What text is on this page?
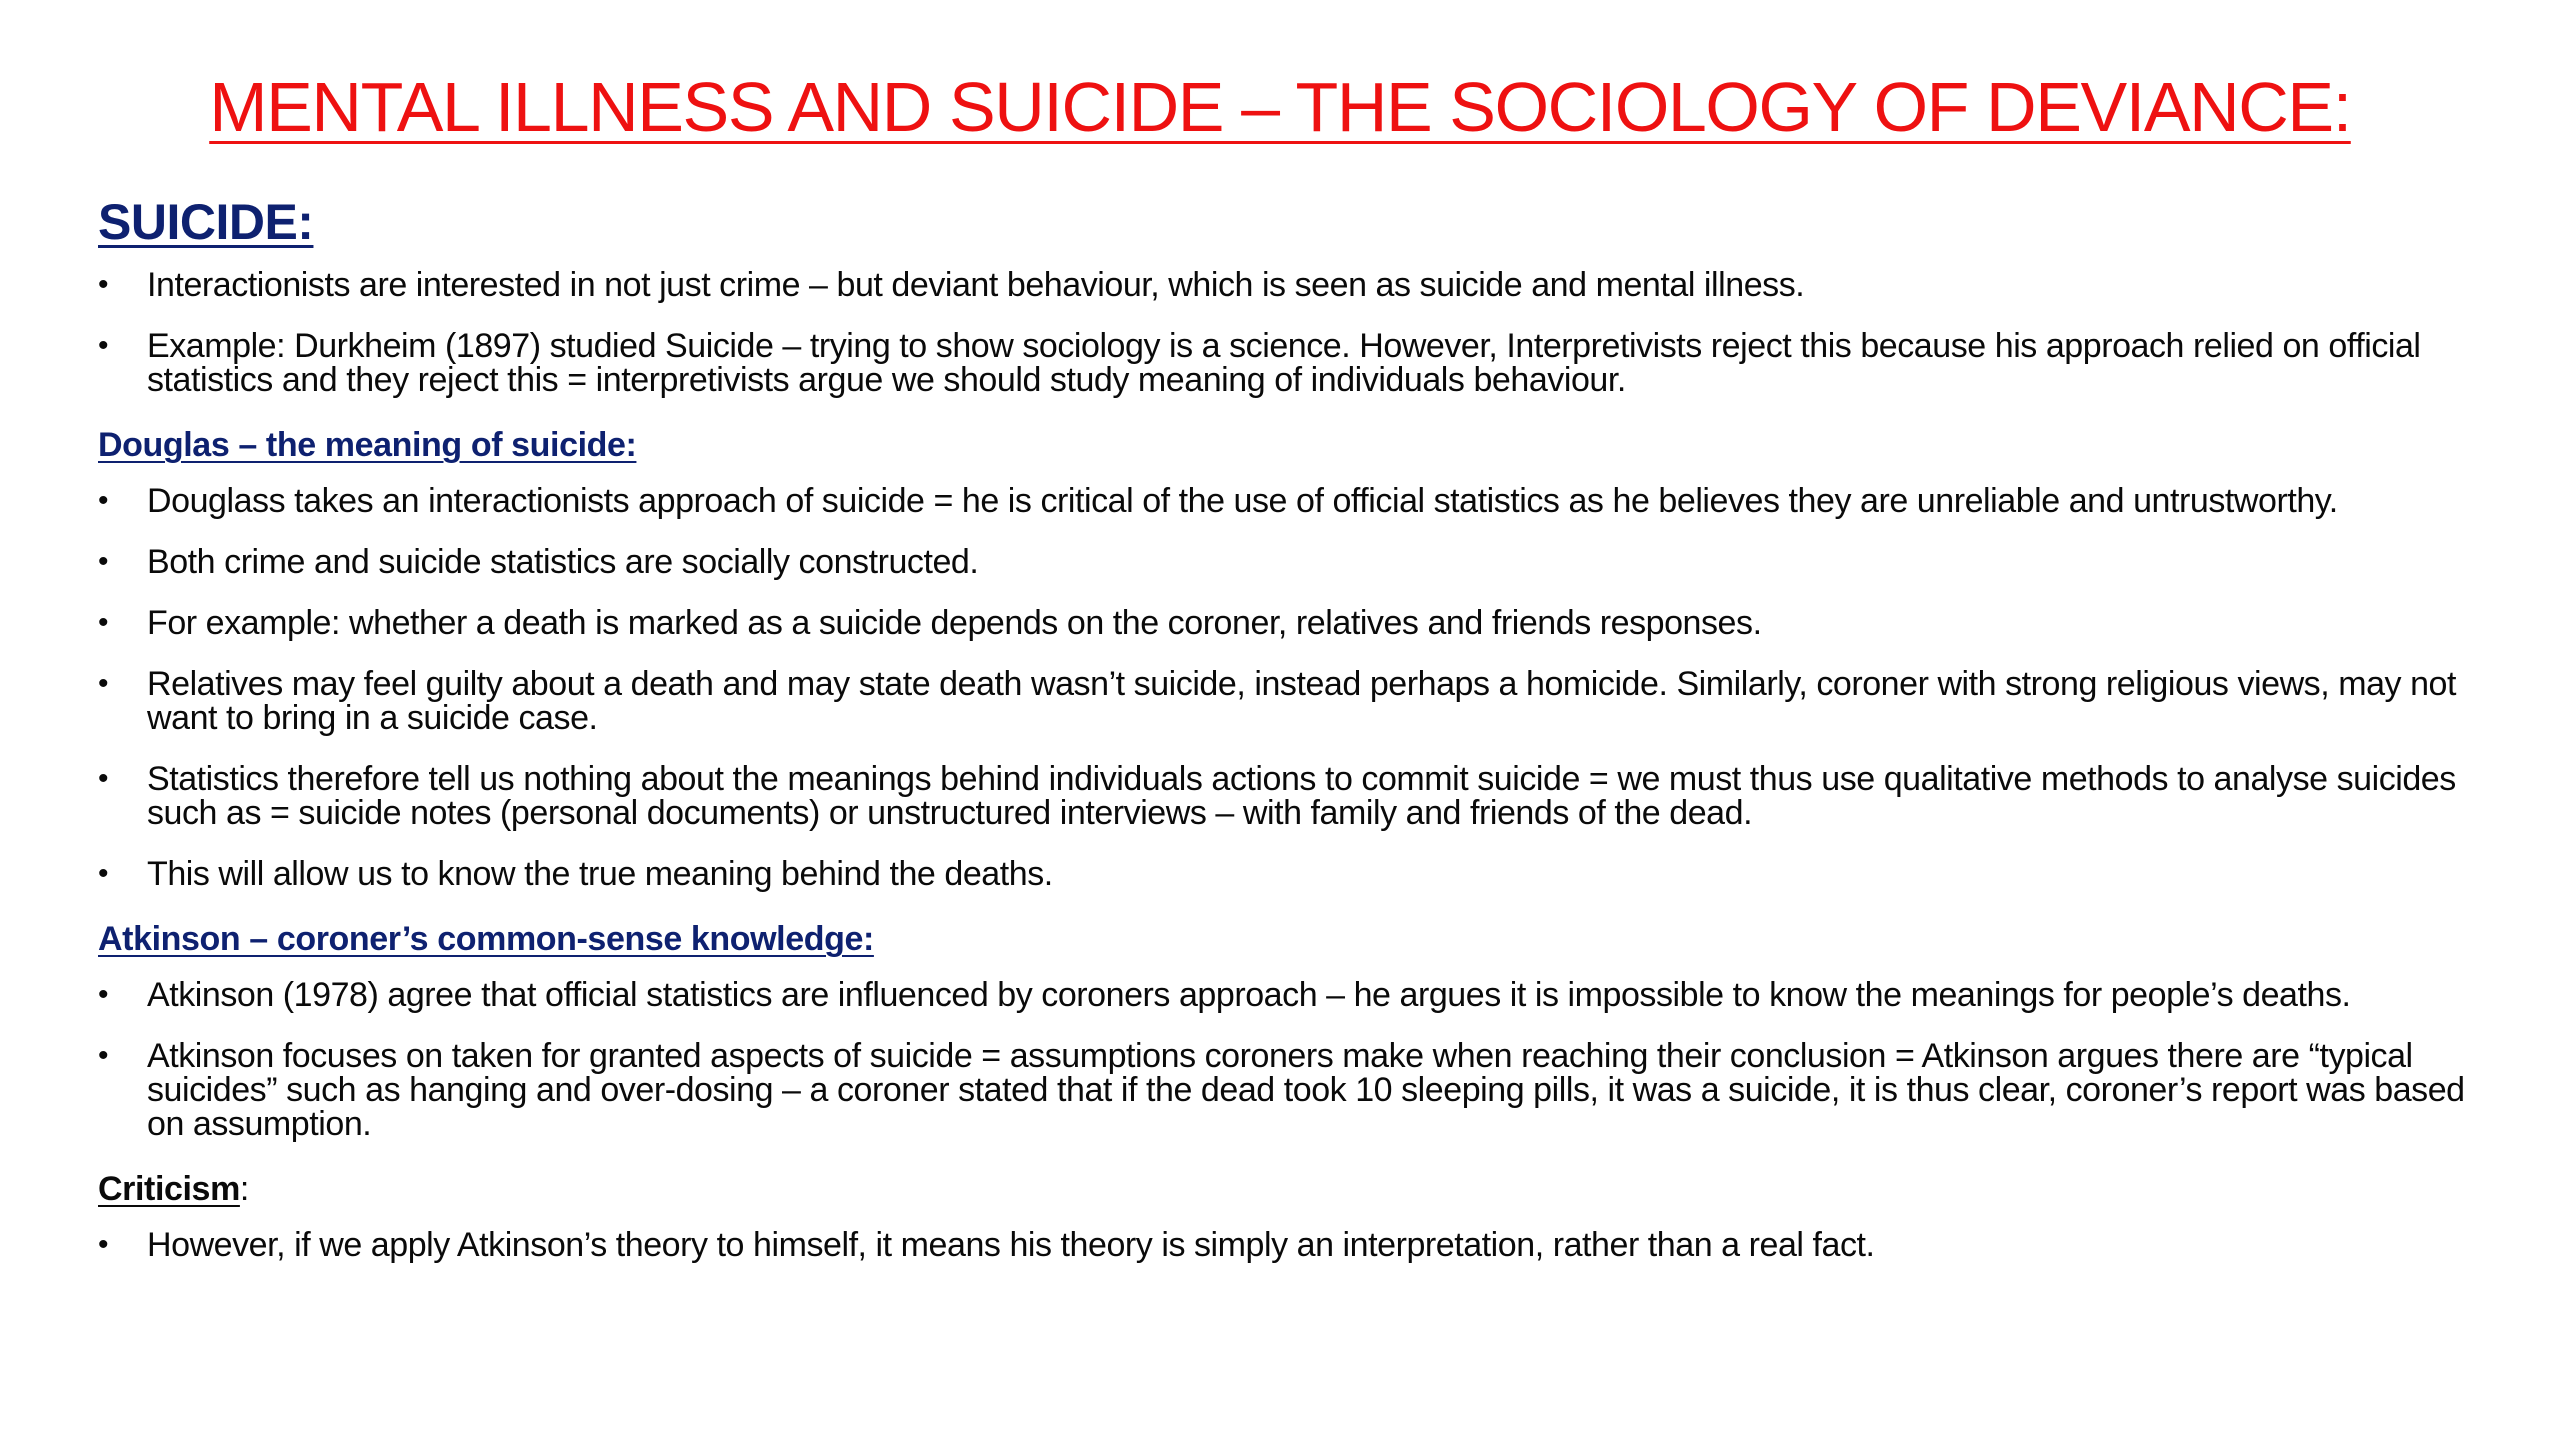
MENTAL ILLNESS AND SUICIDE – THE SOCIOLOGY OF DEVIANCE:
SUICIDE:
• Interactionists are interested in not just crime – but deviant behaviour, which is seen as suicide and mental illness.
• Example: Durkheim (1897) studied Suicide – trying to show sociology is a science. However, Interpretivists reject this because his approach relied on official statistics and they reject this = interpretivists argue we should study meaning of individuals behaviour.
Douglas – the meaning of suicide:
• Douglass takes an interactionists approach of suicide = he is critical of the use of official statistics as he believes they are unreliable and untrustworthy.
• Both crime and suicide statistics are socially constructed.
• For example: whether a death is marked as a suicide depends on the coroner, relatives and friends responses.
• Relatives may feel guilty about a death and may state death wasn’t suicide, instead perhaps a homicide. Similarly, coroner with strong religious views, may not want to bring in a suicide case.
• Statistics therefore tell us nothing about the meanings behind individuals actions to commit suicide = we must thus use qualitative methods to analyse suicides such as = suicide notes (personal documents) or unstructured interviews – with family and friends of the dead.
• This will allow us to know the true meaning behind the deaths.
Atkinson – coroner’s common-sense knowledge:
• Atkinson (1978) agree that official statistics are influenced by coroners approach – he argues it is impossible to know the meanings for people’s deaths.
• Atkinson focuses on taken for granted aspects of suicide = assumptions coroners make when reaching their conclusion = Atkinson argues there are “typical suicides” such as hanging and over-dosing – a coroner stated that if the dead took 10 sleeping pills, it was a suicide, it is thus clear, coroner’s report was based on assumption.
Criticism:
• However, if we apply Atkinson’s theory to himself, it means his theory is simply an interpretation, rather than a real fact.
